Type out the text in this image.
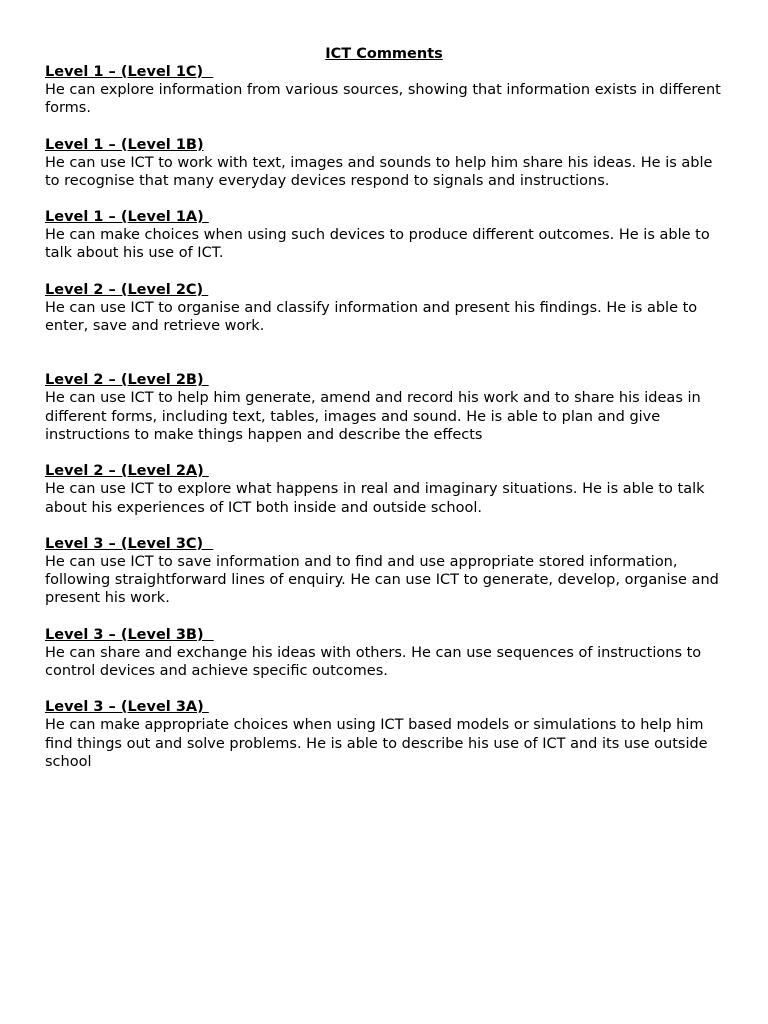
ICT Comments

Level 1 – (Level 1C)

He can explore information from various sources, showing that information exists in different forms.

Level 1 – (Level 1B)

He can use ICT to work with text, images and sounds to help him share his ideas. He is able to recognise that many everyday devices respond to signals and instructions.

Level 1 – (Level 1A)

He can make choices when using such devices to produce different outcomes. He is able to talk about his use of ICT.

Level 2 – (Level 2C)

He can use ICT to organise and classify information and present his findings. He is able to enter, save and retrieve work.

Level 2 – (Level 2B)

He can use ICT to help him generate, amend and record his work and to share his ideas in different forms, including text, tables, images and sound. He is able to plan and give instructions to make things happen and describe the effects

Level 2 – (Level 2A)

He can use ICT to explore what happens in real and imaginary situations. He is able to talk about his experiences of ICT both inside and outside school.

Level 3 – (Level 3C)

He can use ICT to save information and to find and use appropriate stored information, following straightforward lines of enquiry. He can use ICT to generate, develop, organise and present his work.

Level 3 – (Level 3B)

He can share and exchange his ideas with others. He can use sequences of instructions to control devices and achieve specific outcomes.

Level 3 – (Level 3A)

He can make appropriate choices when using ICT based models or simulations to help him find things out and solve problems. He is able to describe his use of ICT and its use outside school
